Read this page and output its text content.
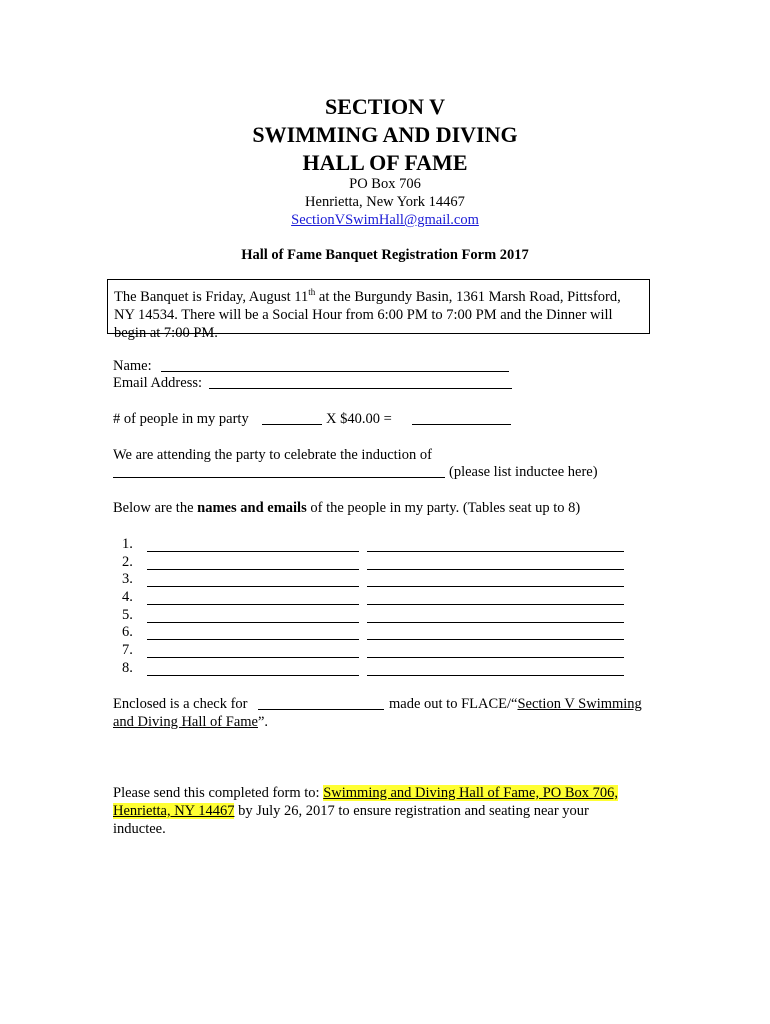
SECTION V
SWIMMING AND DIVING
HALL OF FAME
PO Box 706
Henrietta, New York 14467
SectionVSwimHall@gmail.com
Hall of Fame Banquet Registration Form 2017
The Banquet is Friday, August 11th at the Burgundy Basin, 1361 Marsh Road, Pittsford, NY 14534. There will be a Social Hour from 6:00 PM to 7:00 PM and the Dinner will begin at 7:00 PM.
Name:
Email Address:
# of people in my party	X $40.00 =
We are attending the party to celebrate the induction of
(please list inductee here)
Below are the names and emails of the people in my party. (Tables seat up to 8)
1.
2.
3.
4.
5.
6.
7.
8.
Enclosed is a check for	made out to FLACE/“Section V Swimming
and Diving Hall of Fame”.
Please send this completed form to: Swimming and Diving Hall of Fame, PO Box 706,
Henrietta, NY 14467 by July 26, 2017 to ensure registration and seating near your
inductee.
